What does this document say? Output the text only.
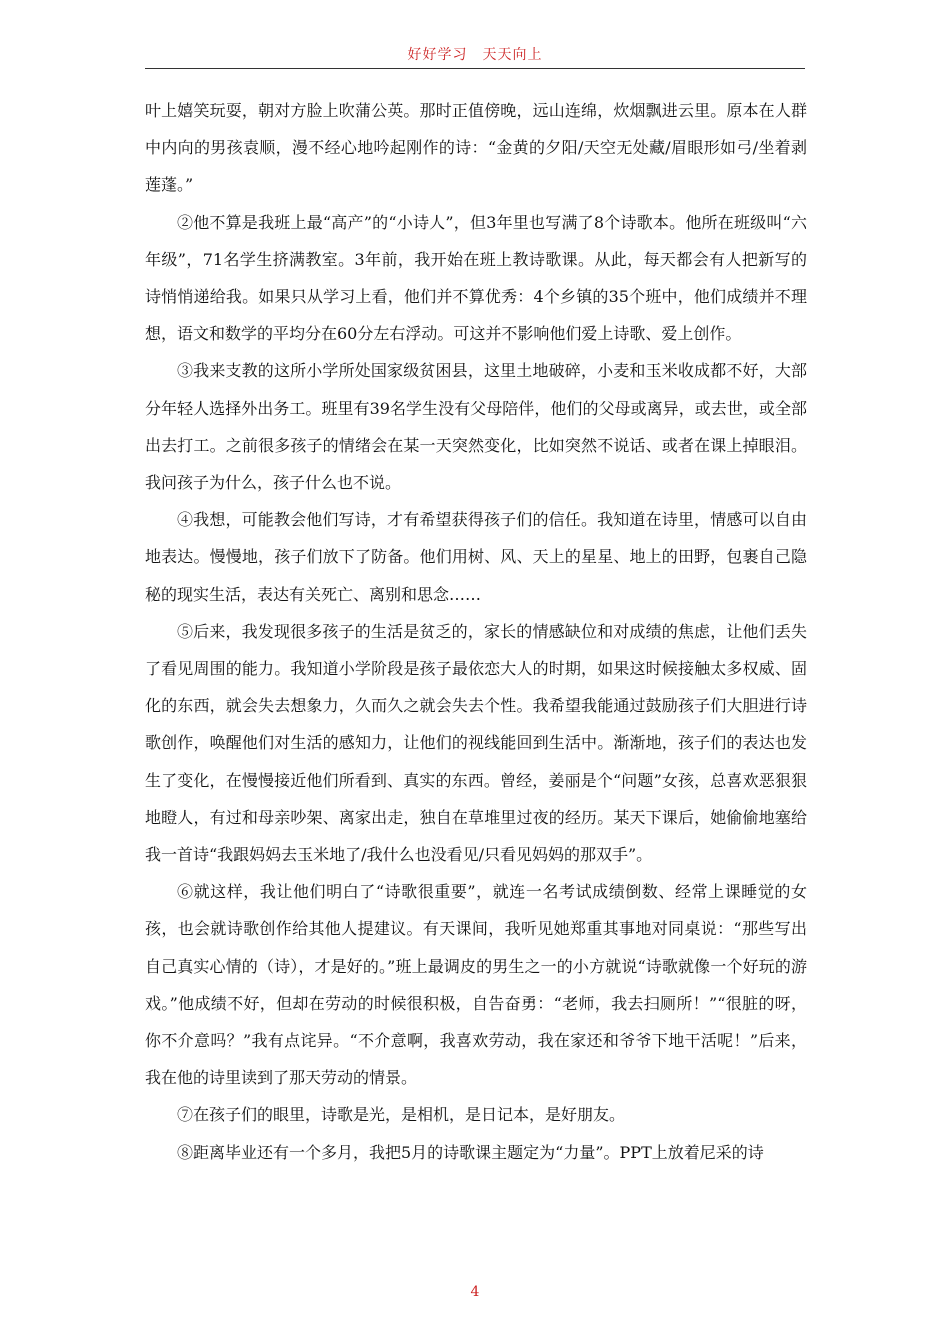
好好学习　天天向上

叶上嬉笑玩耍，朝对方脸上吹蒲公英。那时正值傍晚，远山连绵，炊烟飘进云里。原本在人群中内向的男孩袁顺，漫不经心地吟起刚作的诗：“金黄的夕阳/天空无处藏/眉眼形如弓/坐着剥莲蓬。”

②他不算是我班上最“高产”的“小诗人”，但3年里也写满了8个诗歌本。他所在班级叫“六年级”，71名学生挤满教室。3年前，我开始在班上教诗歌课。从此，每天都会有人把新写的诗悄悄递给我。如果只从学习上看，他们并不算优秀：4个乡镇的35个班中，他们成绩并不理想，语文和数学的平均分在60分左右浮动。可这并不影响他们爱上诗歌、爱上创作。

③我来支教的这所小学所处国家级贫困县，这里土地破碎，小麦和玉米收成都不好，大部分年轻人选择外出务工。班里有39名学生没有父母陪伴，他们的父母或离异，或去世，或全部出去打工。之前很多孩子的情绪会在某一天突然变化，比如突然不说话、或者在课上掉眼泪。我问孩子为什么，孩子什么也不说。

④我想，可能教会他们写诗，才有希望获得孩子们的信任。我知道在诗里，情感可以自由地表达。慢慢地，孩子们放下了防备。他们用树、风、天上的星星、地上的田野，包裹自己隐秘的现实生活，表达有关死亡、离别和思念……

⑤后来，我发现很多孩子的生活是贫乏的，家长的情感缺位和对成绩的焦虑，让他们丢失了看见周围的能力。我知道小学阶段是孩子最依恋大人的时期，如果这时候接触太多权威、固化的东西，就会失去想象力，久而久之就会失去个性。我希望我能通过鼓励孩子们大胆进行诗歌创作，唤醒他们对生活的感知力，让他们的视线能回到生活中。渐渐地，孩子们的表达也发生了变化，在慢慢接近他们所看到、真实的东西。曾经，姜丽是个“问题”女孩，总喜欢恶狠狠地瞪人，有过和母亲吵架、离家出走，独自在草堆里过夜的经历。某天下课后，她偷偷地塞给我一首诗“我跟妈妈去玉米地了/我什么也没看见/只看见妈妈的那双手”。

⑥就这样，我让他们明白了“诗歌很重要”，就连一名考试成绩倒数、经常上课睡觉的女孩，也会就诗歌创作给其他人提建议。有天课间，我听见她郑重其事地对同桌说：“那些写出自己真实心情的（诗），才是好的。”班上最调皮的男生之一的小方就说“诗歌就像一个好玩的游戏。”他成绩不好，但却在劳动的时候很积极，自告奋勇：“老师，我去扫厕所！”“很脏的呀，你不介意吗？”我有点诧异。“不介意啊，我喜欢劳动，我在家还和爷爷下地干活呢！”后来，我在他的诗里读到了那天劳动的情景。

⑦在孩子们的眼里，诗歌是光，是相机，是日记本，是好朋友。

⑧距离毕业还有一个多月，我把5月的诗歌课主题定为“力量”。PPT上放着尼采的诗

4
